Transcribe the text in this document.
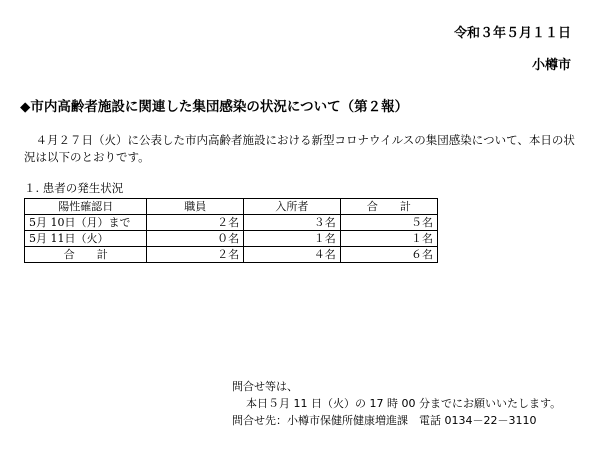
令和３年５月１１日
小樽市
◆市内高齢者施設に関連した集団感染の状況について（第２報）
　４月２７日（火）に公表した市内高齢者施設における新型コロナウイルスの集団感染について、本日の状況は以下のとおりです。
１. 患者の発生状況
陽性確認日	職員	入所者	合　　計
5月 10日（月）まで	２名	３名	５名
5月 11日（火）	０名	１名	１名
合　　計	２名	４名	６名
問合せ等は、
本日５月 11 日（火）の 17 時 00 分までにお願いいたします。
問合せ先：小樽市保健所健康増進課　電話 0134－22－3110
